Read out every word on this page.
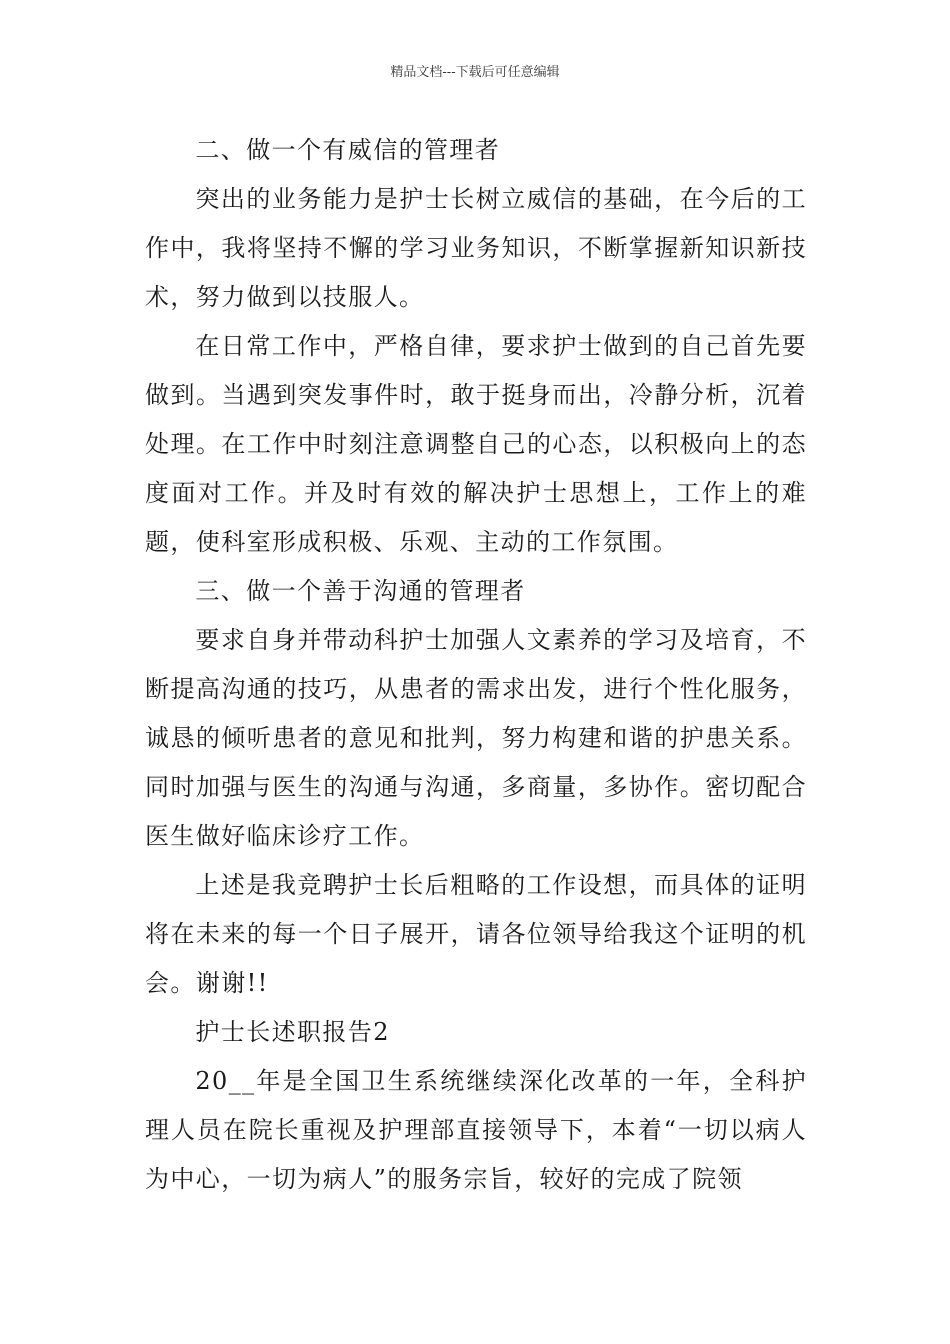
精品文档---下载后可任意编辑

二、做一个有威信的管理者

突出的业务能力是护士长树立威信的基础，在今后的工作中，我将坚持不懈的学习业务知识，不断掌握新知识新技术，努力做到以技服人。

在日常工作中，严格自律，要求护士做到的自己首先要做到。当遇到突发事件时，敢于挺身而出，冷静分析，沉着处理。在工作中时刻注意调整自己的心态，以积极向上的态度面对工作。并及时有效的解决护士思想上，工作上的难题，使科室形成积极、乐观、主动的工作氛围。

三、做一个善于沟通的管理者

要求自身并带动科护士加强人文素养的学习及培育，不断提高沟通的技巧，从患者的需求出发，进行个性化服务，诚恳的倾听患者的意见和批判，努力构建和谐的护患关系。同时加强与医生的沟通与沟通，多商量，多协作。密切配合医生做好临床诊疗工作。

上述是我竞聘护士长后粗略的工作设想，而具体的证明将在未来的每一个日子展开，请各位领导给我这个证明的机会。谢谢!!

护士长述职报告2

20__年是全国卫生系统继续深化改革的一年，全科护理人员在院长重视及护理部直接领导下，本着“一切以病人为中心，一切为病人”的服务宗旨，较好的完成了院领
